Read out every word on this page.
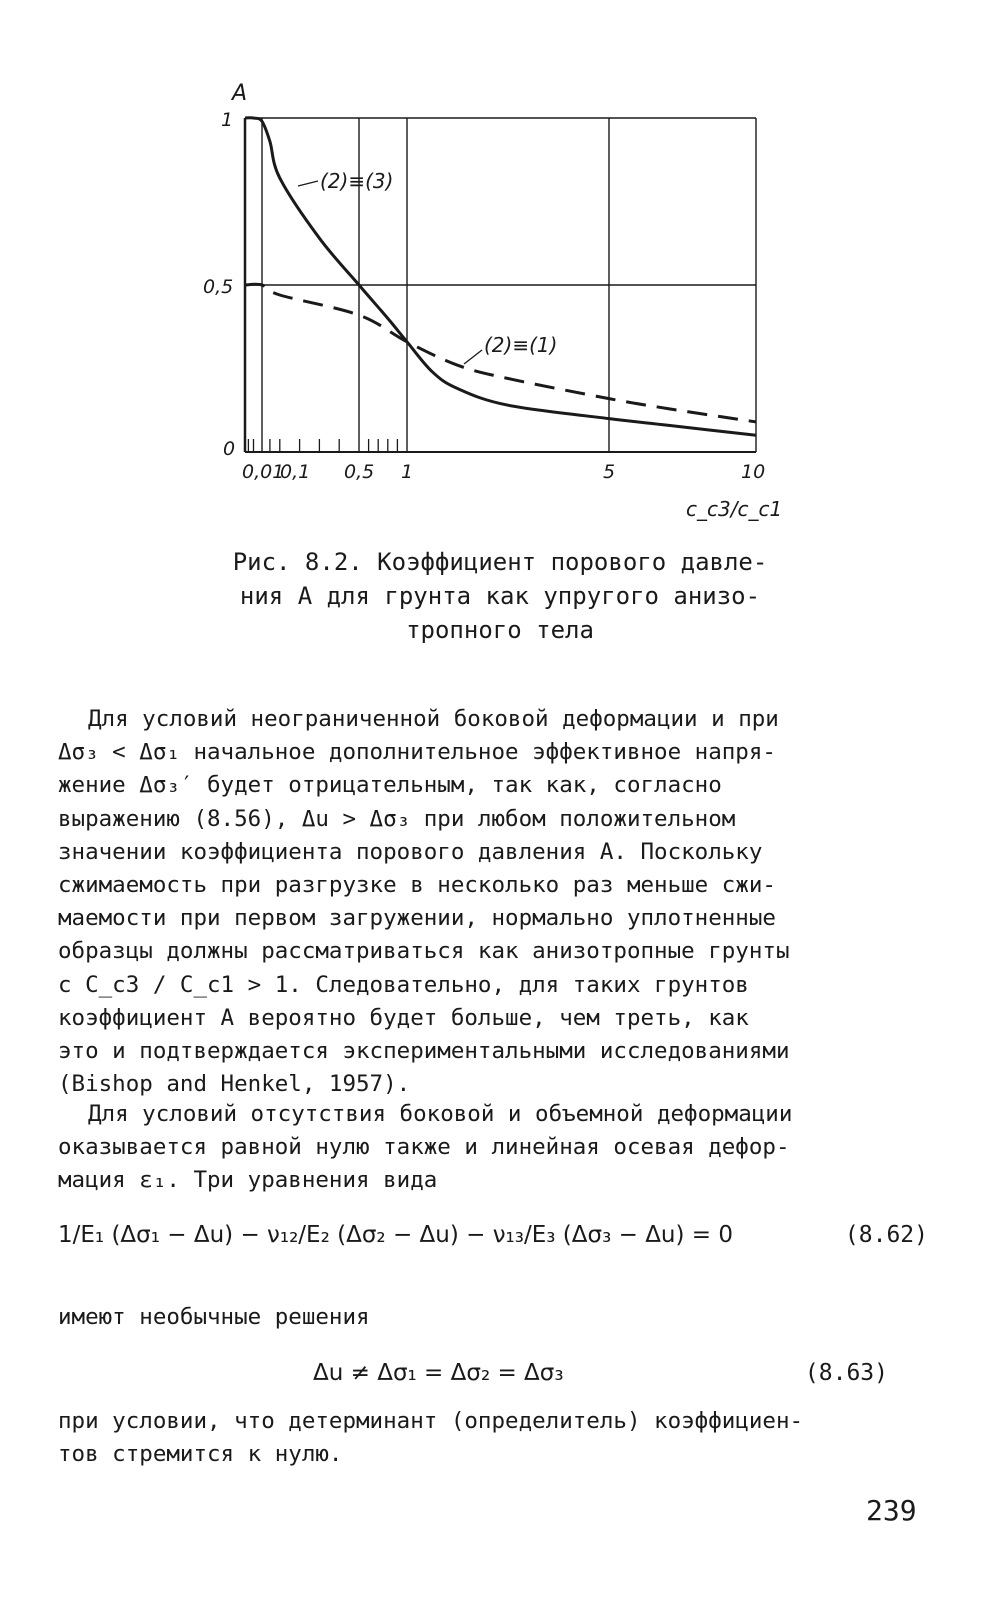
A
1
0,5
0
0,01
0,1 0,5 1	5	10
c_c3/c_c1
(2)≡(3)
(2)≡(1)

Рис. 8.2. Коэффициент порового давле-

ния A для грунта как упругого анизо-

тропного тела

Для условий неограниченной боковой деформации и при

Δσ₃ < Δσ₁ начальное дополнительное эффективное напря-

жение Δσ₃′ будет отрицательным, так как, согласно

выражению (8.56), Δu > Δσ₃ при любом положительном

значении коэффициента порового давления A. Поскольку

сжимаемость при разгрузке в несколько раз меньше сжи-

маемости при первом загружении, нормально уплотненные

образцы должны рассматриваться как анизотропные грунты

с C_c3 / C_c1 > 1. Следовательно, для таких грунтов

коэффициент A вероятно будет больше, чем треть, как

это и подтверждается экспериментальными исследованиями

(Bishop and Henkel, 1957).

Для условий отсутствия боковой и объемной деформации

оказывается равной нулю также и линейная осевая дефор-

мация ε₁. Три уравнения вида

1/E₁ (Δσ₁ − Δu) − ν₁₂/E₂ (Δσ₂ − Δu) − ν₁₃/E₃ (Δσ₃ − Δu) = 0	(8.62)

имеют необычные решения

Δu ≠ Δσ₁ = Δσ₂ = Δσ₃	(8.63)

при условии, что детерминант (определитель) коэффициен-

тов стремится к нулю.

239
